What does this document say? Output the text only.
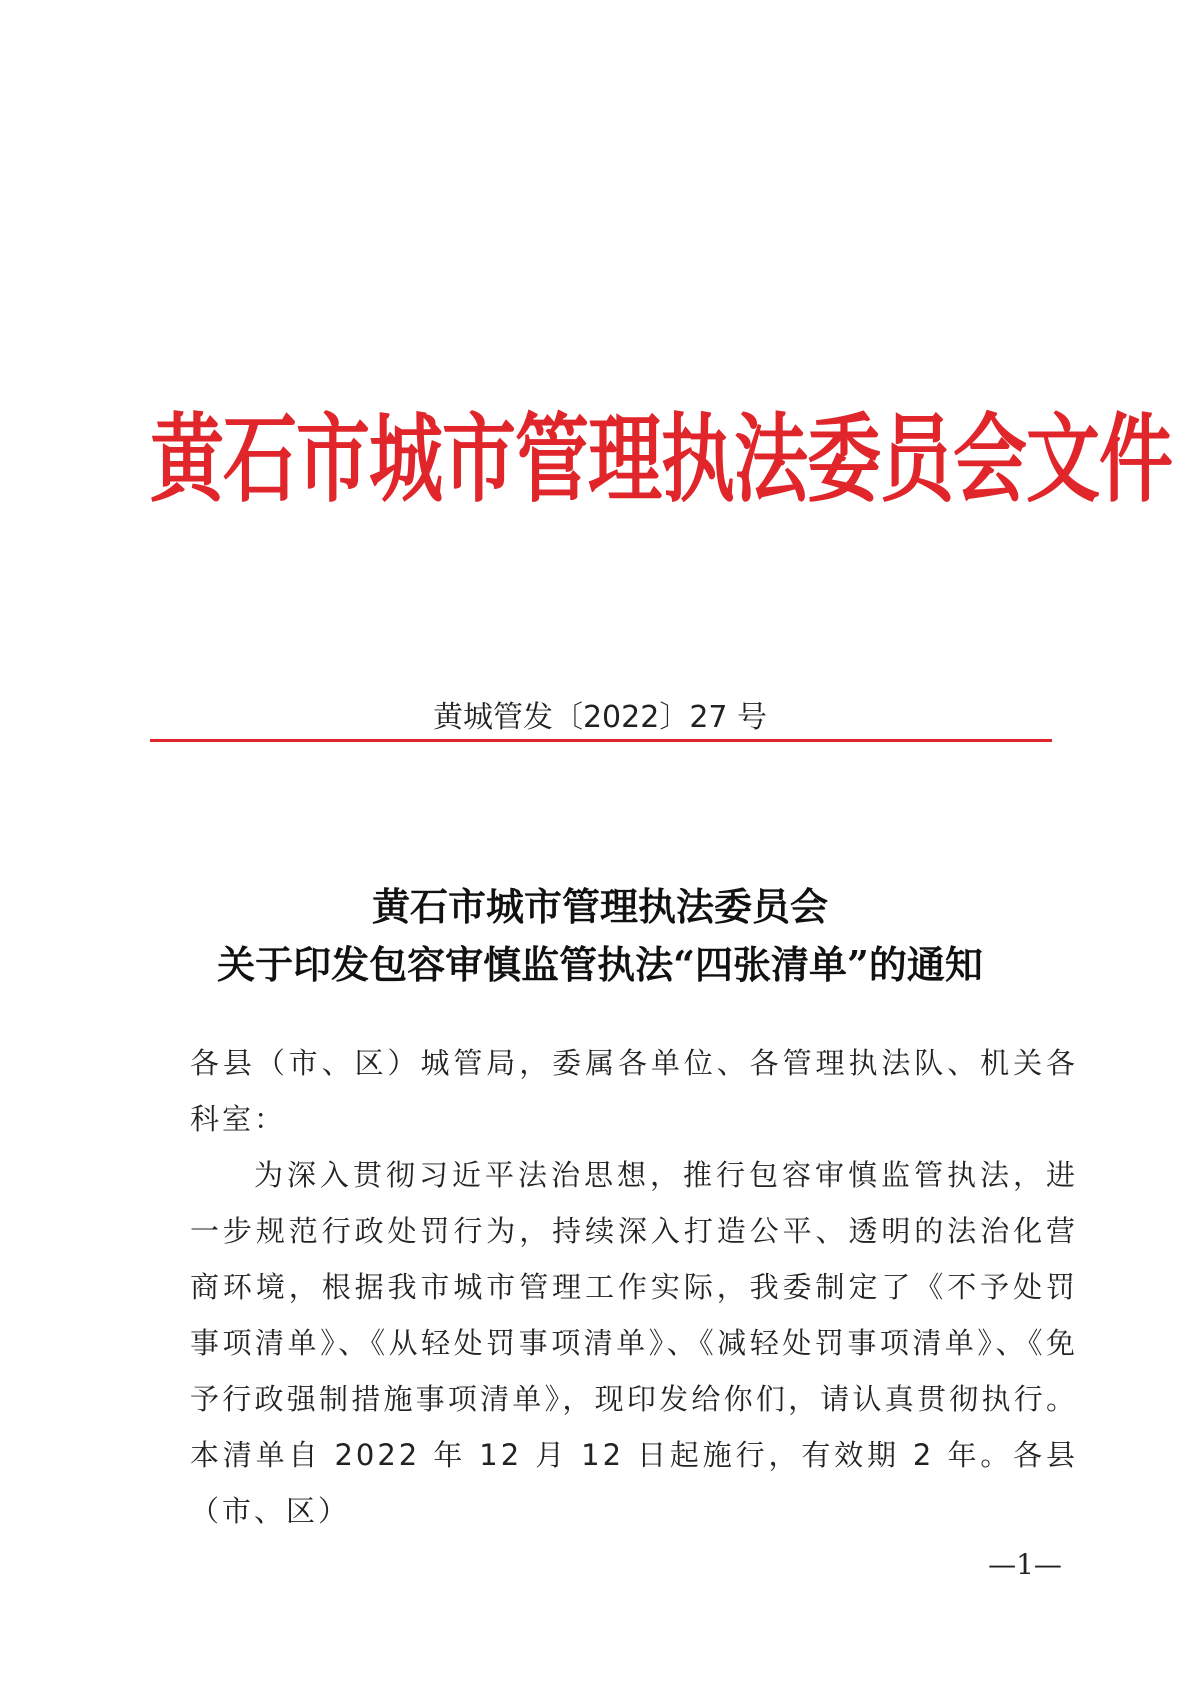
黄石市城市管理执法委员会文件
黄城管发〔2022〕27 号
黄石市城市管理执法委员会
关于印发包容审慎监管执法“四张清单”的通知

各县（市、区）城管局，委属各单位、各管理执法队、机关各科室：

为深入贯彻习近平法治思想，推行包容审慎监管执法，进一步规范行政处罚行为，持续深入打造公平、透明的法治化营商环境，根据我市城市管理工作实际，我委制定了《不予处罚事项清单》、《从轻处罚事项清单》、《减轻处罚事项清单》、《免予行政强制措施事项清单》，现印发给你们，请认真贯彻执行。本清单自 2022 年 12 月 12 日起施行，有效期 2 年。各县（市、区）

—1—
